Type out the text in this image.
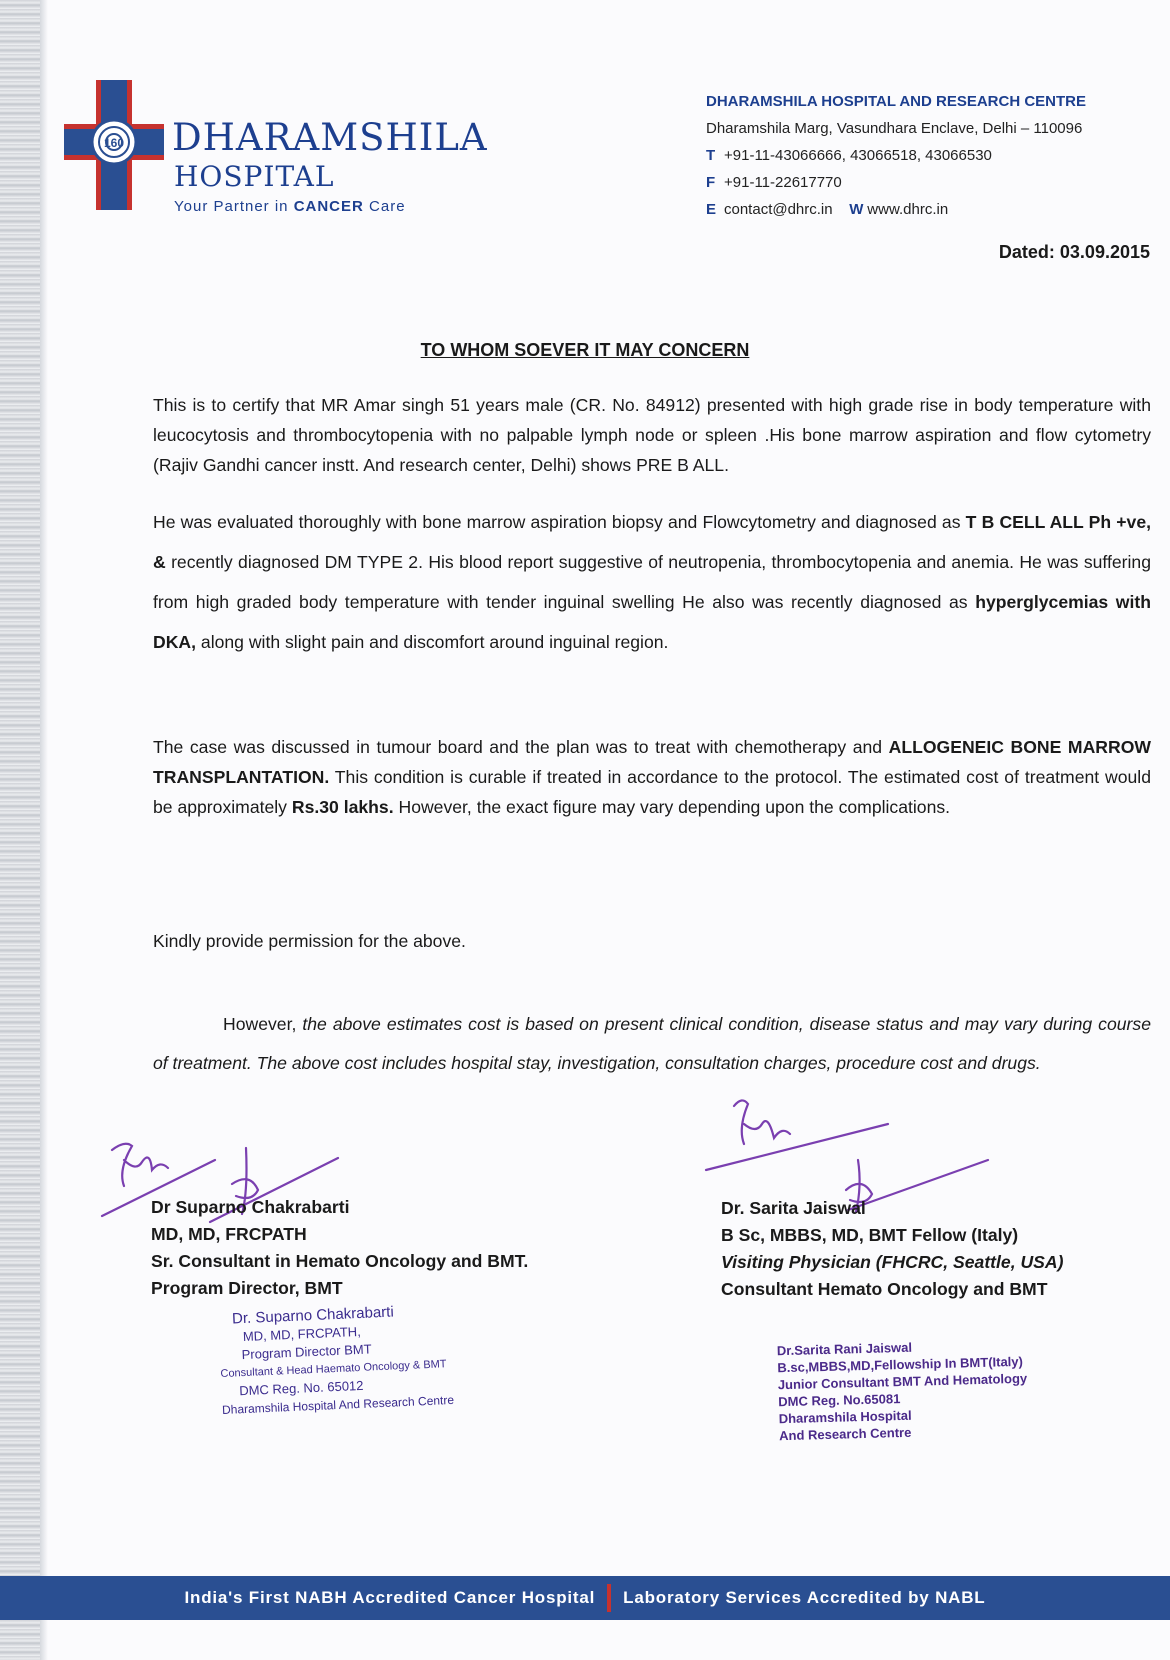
160 DHARAMSHILA
HOSPITAL
Your Partner in CANCER Care
DHARAMSHILA HOSPITAL AND RESEARCH CENTRE
Dharamshila Marg, Vasundhara Enclave, Delhi – 110096
T +91-11-43066666, 43066518, 43066530
F +91-11-22617770
E contact@dhrc.in W www.dhrc.in
Dated: 03.09.2015
TO WHOM SOEVER IT MAY CONCERN
This is to certify that MR Amar singh 51 years male (CR. No. 84912) presented with high grade rise in body temperature with leucocytosis and thrombocytopenia with no palpable lymph node or spleen .His bone marrow aspiration and flow cytometry (Rajiv Gandhi cancer instt. And research center, Delhi) shows PRE B ALL.
He was evaluated thoroughly with bone marrow aspiration biopsy and Flowcytometry and diagnosed as T B CELL ALL Ph +ve, & recently diagnosed DM TYPE 2. His blood report suggestive of neutropenia, thrombocytopenia and anemia. He was suffering from high graded body temperature with tender inguinal swelling He also was recently diagnosed as hyperglycemias with DKA, along with slight pain and discomfort around inguinal region.
The case was discussed in tumour board and the plan was to treat with chemotherapy and ALLOGENEIC BONE MARROW TRANSPLANTATION. This condition is curable if treated in accordance to the protocol. The estimated cost of treatment would be approximately Rs.30 lakhs. However, the exact figure may vary depending upon the complications.
Kindly provide permission for the above.
However, the above estimates cost is based on present clinical condition, disease status and may vary during course of treatment. The above cost includes hospital stay, investigation, consultation charges, procedure cost and drugs.
Dr Suparno Chakrabarti
MD, MD, FRCPATH
Sr. Consultant in Hemato Oncology and BMT.
Program Director, BMT
Dr. Sarita Jaiswal
B Sc, MBBS, MD, BMT Fellow (Italy)
Visiting Physician (FHCRC, Seattle, USA)
Consultant Hemato Oncology and BMT
Dr. Suparno Chakrabarti
MD, MD, FRCPATH,
Program Director BMT
Consultant & Head Haemato Oncology & BMT
DMC Reg. No. 65012
Dharamshila Hospital And Research Centre
Dr.Sarita Rani Jaiswal
B.sc,MBBS,MD,Fellowship In BMT(Italy)
Junior Consultant BMT And Hematology
DMC Reg. No.65081
Dharamshila Hospital
And Research Centre
India's First NABH Accredited Cancer Hospital Laboratory Services Accredited by NABL
